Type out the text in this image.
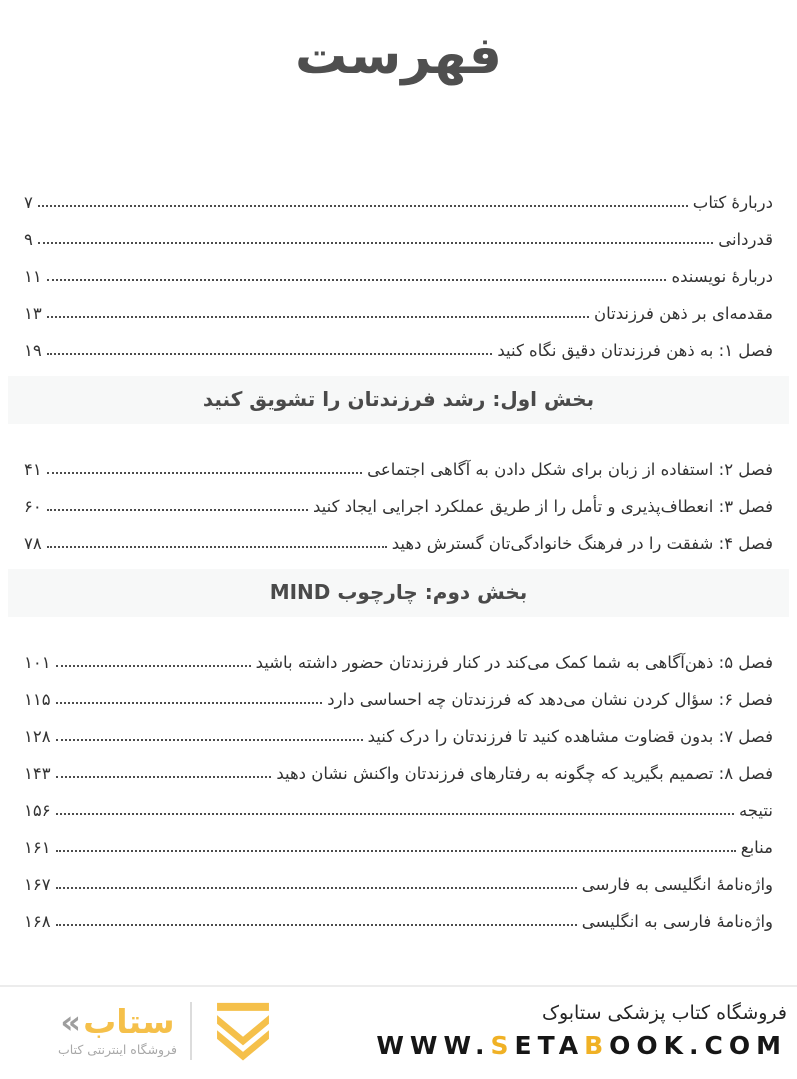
فهرست
دربارۀ کتاب
۷
قدردانی
۹
دربارۀ نویسنده
۱۱
مقدمه‌ای بر ذهن فرزندتان
۱۳
فصل ۱: به ذهن فرزندتان دقیق نگاه کنید
۱۹
بخش اول: رشد فرزندتان را تشویق کنید
فصل ۲: استفاده از زبان برای شکل دادن به آگاهی اجتماعی
۴۱
فصل ۳: انعطاف‌پذیری و تأمل را از طریق عملکرد اجرایی ایجاد کنید
۶۰
فصل ۴: شفقت را در فرهنگ خانوادگی‌تان گسترش دهید
۷۸
بخش دوم: چارچوب MIND
فصل ۵: ذهن‌آگاهی به شما کمک می‌کند در کنار فرزندتان حضور داشته باشید
۱۰۱
فصل ۶: سؤال کردن نشان می‌دهد که فرزندتان چه احساسی دارد
۱۱۵
فصل ۷: بدون قضاوت مشاهده کنید تا فرزندتان را درک کنید
۱۲۸
فصل ۸: تصمیم بگیرید که چگونه به رفتارهای فرزندتان واکنش نشان دهید
۱۴۳
نتیجه
۱۵۶
منابع
۱۶۱
واژه‌نامۀ انگلیسی به فارسی
۱۶۷
واژه‌نامۀ فارسی به انگلیسی
۱۶۸
« ستاب
فروشگاه اینترنتی کتاب
فروشگاه کتاب پزشکی ستابوک
WWW.SETABOOK.COM
